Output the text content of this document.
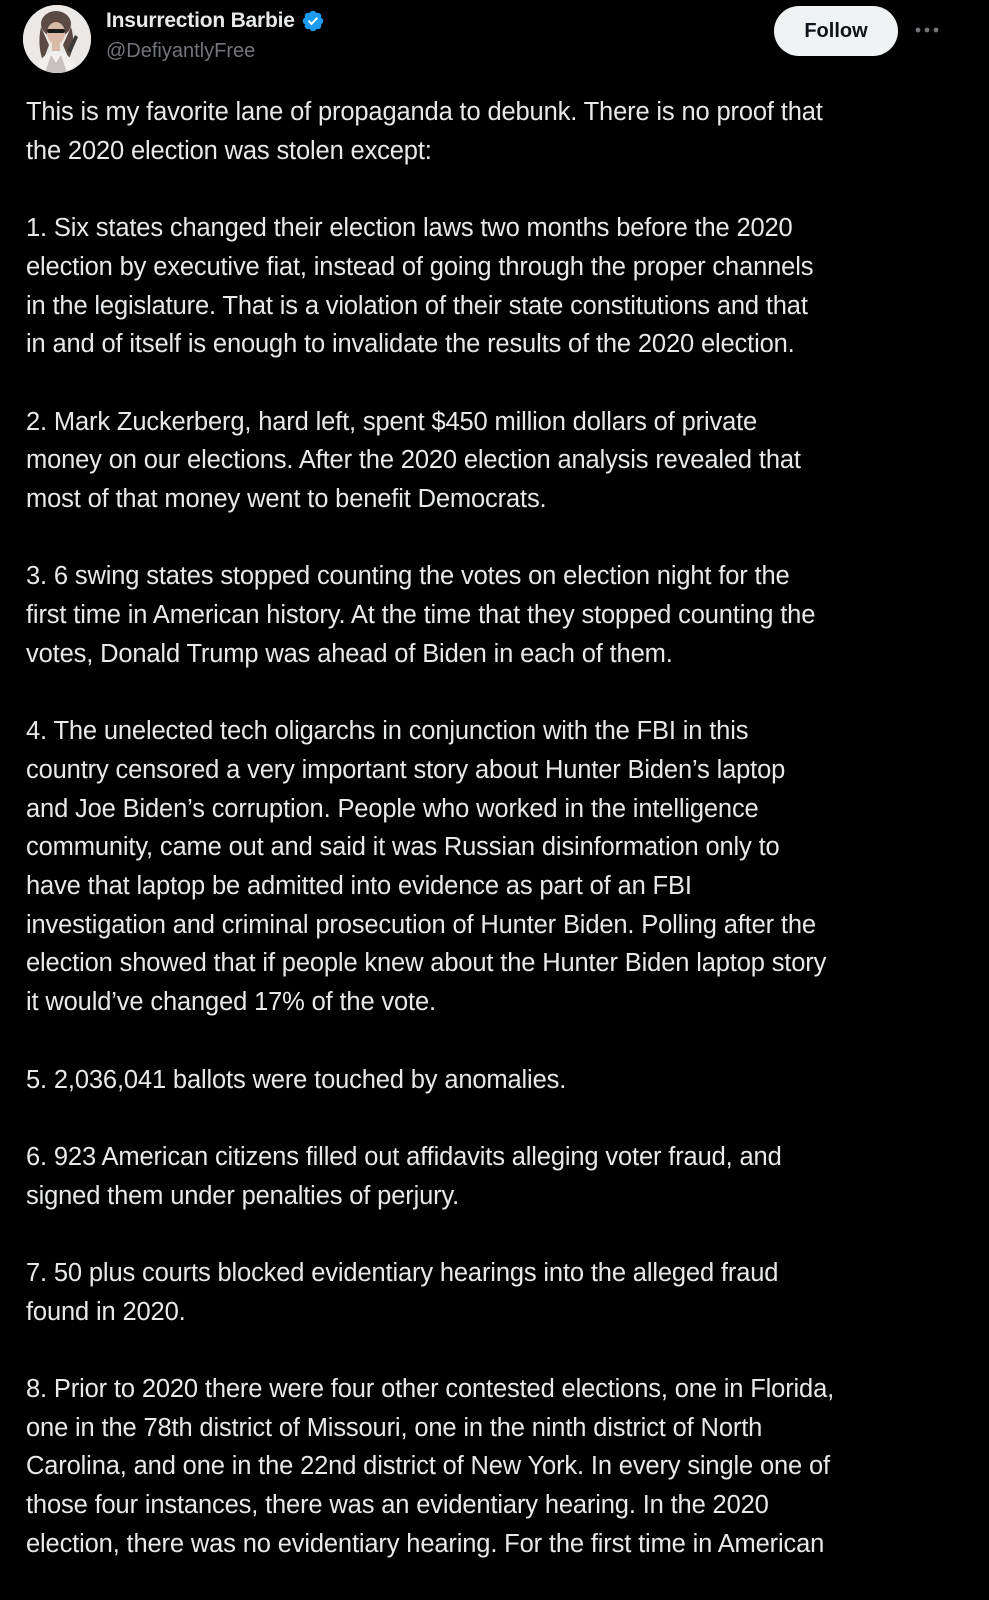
Insurrection Barbie
@DefiyantlyFree
Follow

This is my favorite lane of propaganda to debunk. There is no proof that
the 2020 election was stolen except:

1. Six states changed their election laws two months before the 2020
election by executive fiat, instead of going through the proper channels
in the legislature. That is a violation of their state constitutions and that
in and of itself is enough to invalidate the results of the 2020 election.

2. Mark Zuckerberg, hard left, spent $450 million dollars of private
money on our elections. After the 2020 election analysis revealed that
most of that money went to benefit Democrats.

3. 6 swing states stopped counting the votes on election night for the
first time in American history. At the time that they stopped counting the
votes, Donald Trump was ahead of Biden in each of them.

4. The unelected tech oligarchs in conjunction with the FBI in this
country censored a very important story about Hunter Biden’s laptop
and Joe Biden’s corruption. People who worked in the intelligence
community, came out and said it was Russian disinformation only to
have that laptop be admitted into evidence as part of an FBI
investigation and criminal prosecution of Hunter Biden. Polling after the
election showed that if people knew about the Hunter Biden laptop story
it would’ve changed 17% of the vote.

5. 2,036,041 ballots were touched by anomalies.

6. 923 American citizens filled out affidavits alleging voter fraud, and
signed them under penalties of perjury.

7. 50 plus courts blocked evidentiary hearings into the alleged fraud
found in 2020.

8. Prior to 2020 there were four other contested elections, one in Florida,
one in the 78th district of Missouri, one in the ninth district of North
Carolina, and one in the 22nd district of New York. In every single one of
those four instances, there was an evidentiary hearing. In the 2020
election, there was no evidentiary hearing. For the first time in American
